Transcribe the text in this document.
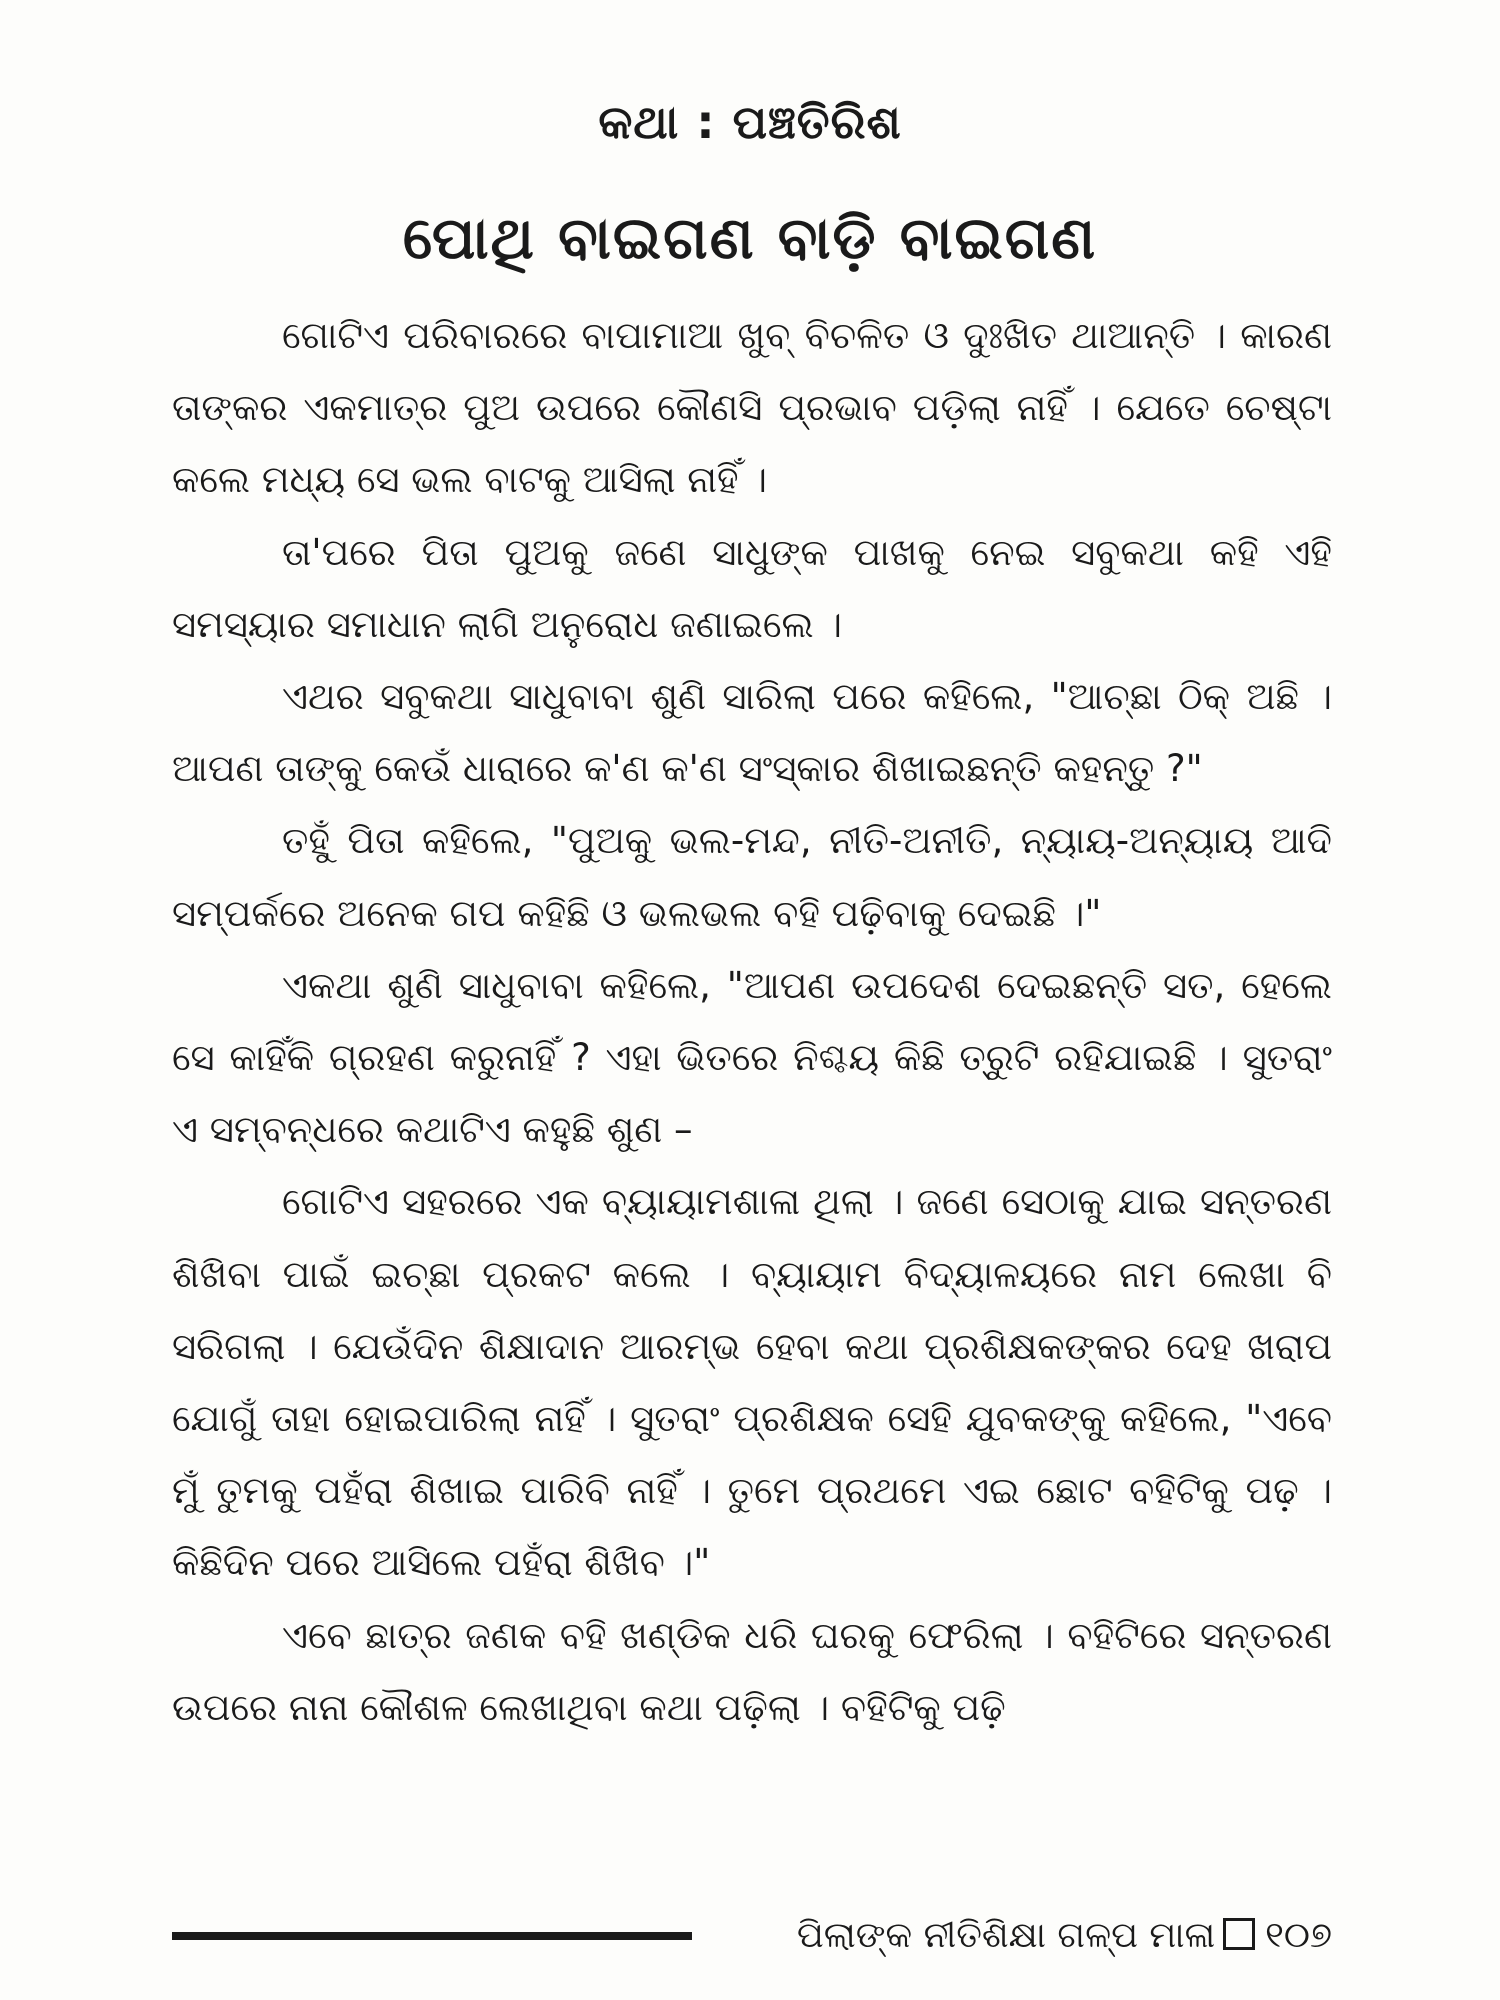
କଥା : ପଞ୍ଚତିରିଶ
ପୋଥି ବାଇଗଣ ବାଡ଼ି ବାଇଗଣ

ଗୋଟିଏ ପରିବାରରେ ବାପାମାଆ ଖୁବ୍ ବିଚଳିତ ଓ ଦୁଃଖିତ ଥାଆନ୍ତି । କାରଣ ତାଙ୍କର ଏକମାତ୍ର ପୁଅ ଉପରେ କୌଣସି ପ୍ରଭାବ ପଡ଼ିଲା ନାହିଁ । ଯେତେ ଚେଷ୍ଟା କଲେ ମଧ୍ୟ ସେ ଭଲ ବାଟକୁ ଆସିଲା ନାହିଁ ।

ତା'ପରେ ପିତା ପୁଅକୁ ଜଣେ ସାଧୁଙ୍କ ପାଖକୁ ନେଇ ସବୁକଥା କହି ଏହି ସମସ୍ୟାର ସମାଧାନ ଲାଗି ଅନୁରୋଧ ଜଣାଇଲେ ।

ଏଥର ସବୁକଥା ସାଧୁବାବା ଶୁଣି ସାରିଲା ପରେ କହିଲେ, "ଆଚ୍ଛା ଠିକ୍ ଅଛି । ଆପଣ ତାଙ୍କୁ କେଉଁ ଧାରାରେ କ'ଣ କ'ଣ ସଂସ୍କାର ଶିଖାଇଛନ୍ତି କହନ୍ତୁ ?"

ତହୁଁ ପିତା କହିଲେ, "ପୁଅକୁ ଭଲ-ମନ୍ଦ, ନୀତି-ଅନୀତି, ନ୍ୟାୟ-ଅନ୍ୟାୟ ଆଦି ସମ୍ପର୍କରେ ଅନେକ ଗପ କହିଛି ଓ ଭଲଭଲ ବହି ପଢ଼ିବାକୁ ଦେଇଛି ।"

ଏକଥା ଶୁଣି ସାଧୁବାବା କହିଲେ, "ଆପଣ ଉପଦେଶ ଦେଇଛନ୍ତି ସତ, ହେଲେ ସେ କାହିଁକି ଗ୍ରହଣ କରୁନାହିଁ ? ଏହା ଭିତରେ ନିଶ୍ଚୟ କିଛି ତ୍ରୁଟି ରହିଯାଇଛି । ସୁତରାଂ ଏ ସମ୍ବନ୍ଧରେ କଥାଟିଏ କହୁଛି ଶୁଣ –

ଗୋଟିଏ ସହରରେ ଏକ ବ୍ୟାୟାମଶାଳା ଥିଲା । ଜଣେ ସେଠାକୁ ଯାଇ ସନ୍ତରଣ ଶିଖିବା ପାଇଁ ଇଚ୍ଛା ପ୍ରକଟ କଲେ । ବ୍ୟାୟାମ ବିଦ୍ୟାଳୟରେ ନାମ ଲେଖା ବି ସରିଗଲା । ଯେଉଁଦିନ ଶିକ୍ଷାଦାନ ଆରମ୍ଭ ହେବା କଥା ପ୍ରଶିକ୍ଷକଙ୍କର ଦେହ ଖରାପ ଯୋଗୁଁ ତାହା ହୋଇପାରିଲା ନାହିଁ । ସୁତରାଂ ପ୍ରଶିକ୍ଷକ ସେହି ଯୁବକଙ୍କୁ କହିଲେ, "ଏବେ ମୁଁ ତୁମକୁ ପହଁରା ଶିଖାଇ ପାରିବି ନାହିଁ । ତୁମେ ପ୍ରଥମେ ଏଇ ଛୋଟ ବହିଟିକୁ ପଢ଼ । କିଛିଦିନ ପରେ ଆସିଲେ ପହଁରା ଶିଖିବ ।"

ଏବେ ଛାତ୍ର ଜଣକ ବହି ଖଣ୍ଡିକ ଧରି ଘରକୁ ଫେରିଲା । ବହିଟିରେ ସନ୍ତରଣ ଉପରେ ନାନା କୌଶଳ ଲେଖାଥିବା କଥା ପଢ଼ିଲା । ବହିଟିକୁ ପଢ଼ି

ପିଲାଙ୍କ ନୀତିଶିକ୍ଷା ଗଳ୍ପ ମାଳା ୧୦୭
